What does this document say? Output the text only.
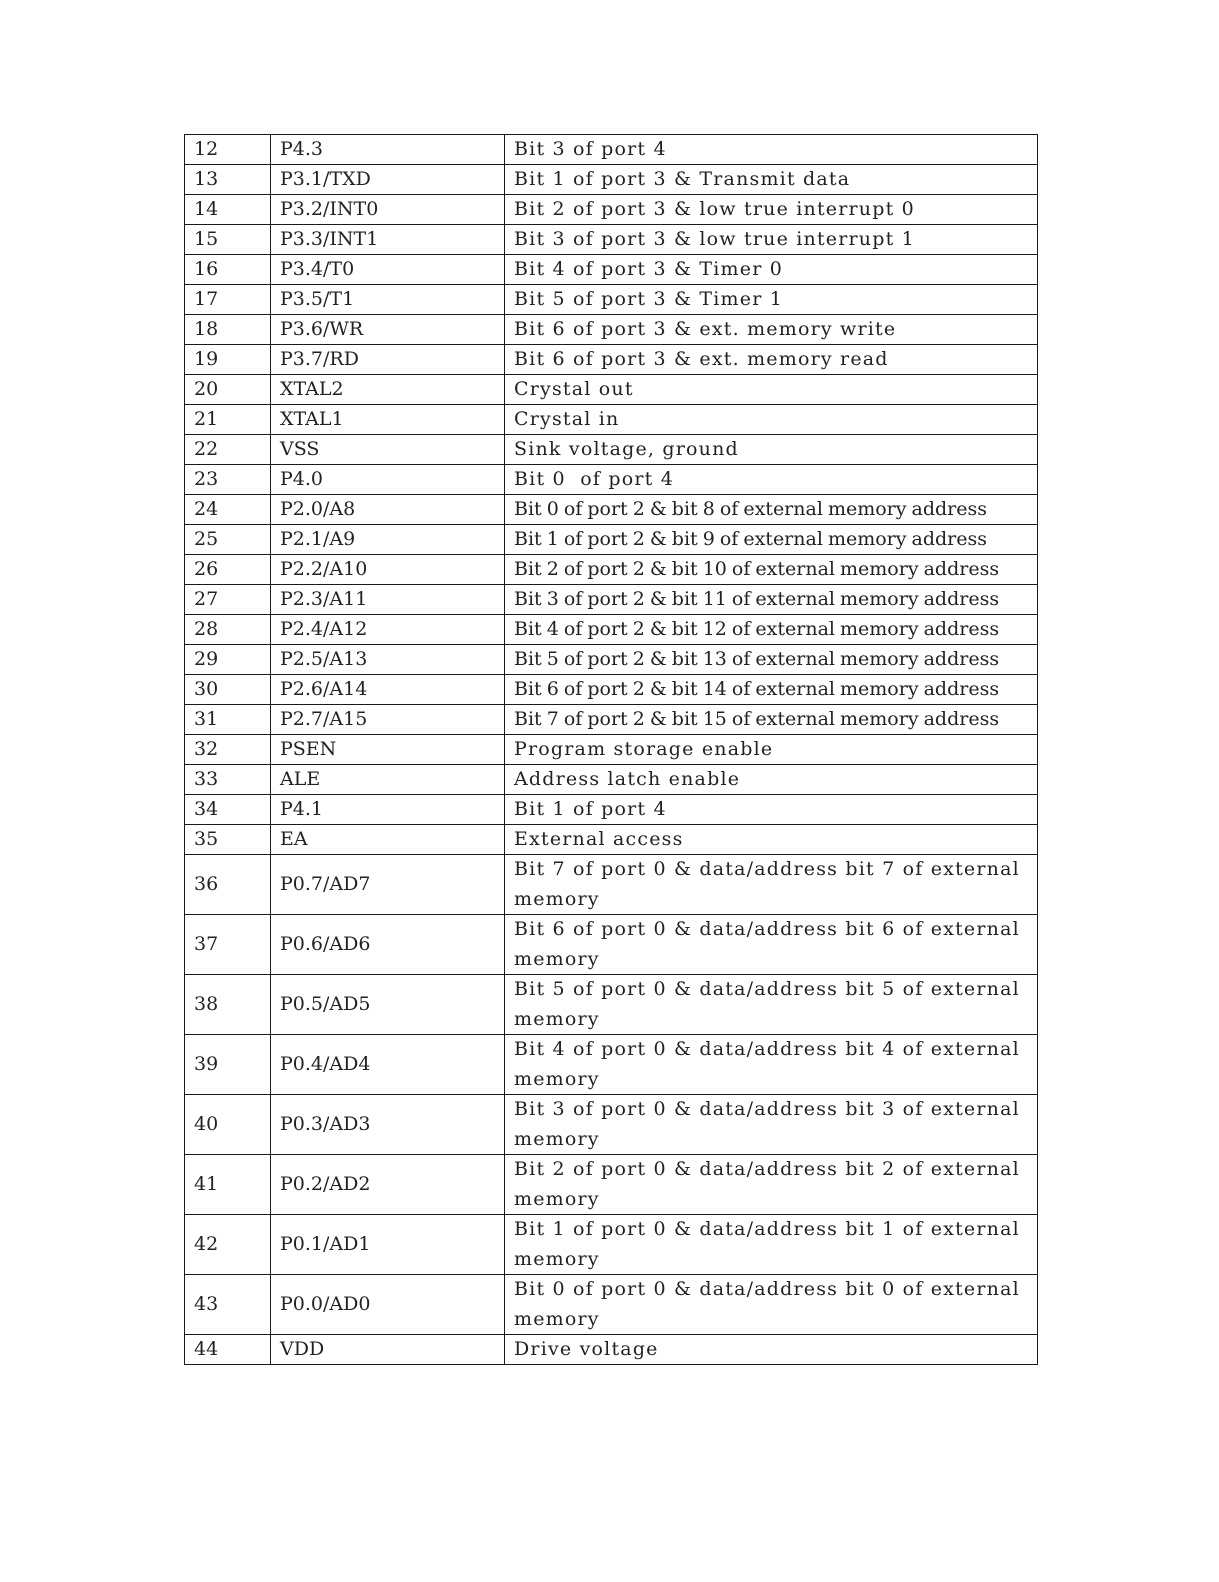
12	P4.3	Bit 3 of port 4
13	P3.1/TXD	Bit 1 of port 3 & Transmit data
14	P3.2/INT0	Bit 2 of port 3 & low true interrupt 0
15	P3.3/INT1	Bit 3 of port 3 & low true interrupt 1
16	P3.4/T0	Bit 4 of port 3 & Timer 0
17	P3.5/T1	Bit 5 of port 3 & Timer 1
18	P3.6/WR	Bit 6 of port 3 & ext. memory write
19	P3.7/RD	Bit 6 of port 3 & ext. memory read
20	XTAL2	Crystal out
21	XTAL1	Crystal in
22	VSS	Sink voltage, ground
23	P4.0	Bit 0  of port 4
24	P2.0/A8	Bit 0 of port 2 & bit 8 of external memory address
25	P2.1/A9	Bit 1 of port 2 & bit 9 of external memory address
26	P2.2/A10	Bit 2 of port 2 & bit 10 of external memory address
27	P2.3/A11	Bit 3 of port 2 & bit 11 of external memory address
28	P2.4/A12	Bit 4 of port 2 & bit 12 of external memory address
29	P2.5/A13	Bit 5 of port 2 & bit 13 of external memory address
30	P2.6/A14	Bit 6 of port 2 & bit 14 of external memory address
31	P2.7/A15	Bit 7 of port 2 & bit 15 of external memory address
32	PSEN	Program storage enable
33	ALE	Address latch enable
34	P4.1	Bit 1 of port 4
35	EA	External access
36	P0.7/AD7	Bit 7 of port 0 & data/address bit 7 of external memory
37	P0.6/AD6	Bit 6 of port 0 & data/address bit 6 of external memory
38	P0.5/AD5	Bit 5 of port 0 & data/address bit 5 of external memory
39	P0.4/AD4	Bit 4 of port 0 & data/address bit 4 of external memory
40	P0.3/AD3	Bit 3 of port 0 & data/address bit 3 of external memory
41	P0.2/AD2	Bit 2 of port 0 & data/address bit 2 of external memory
42	P0.1/AD1	Bit 1 of port 0 & data/address bit 1 of external memory
43	P0.0/AD0	Bit 0 of port 0 & data/address bit 0 of external memory
44	VDD	Drive voltage
